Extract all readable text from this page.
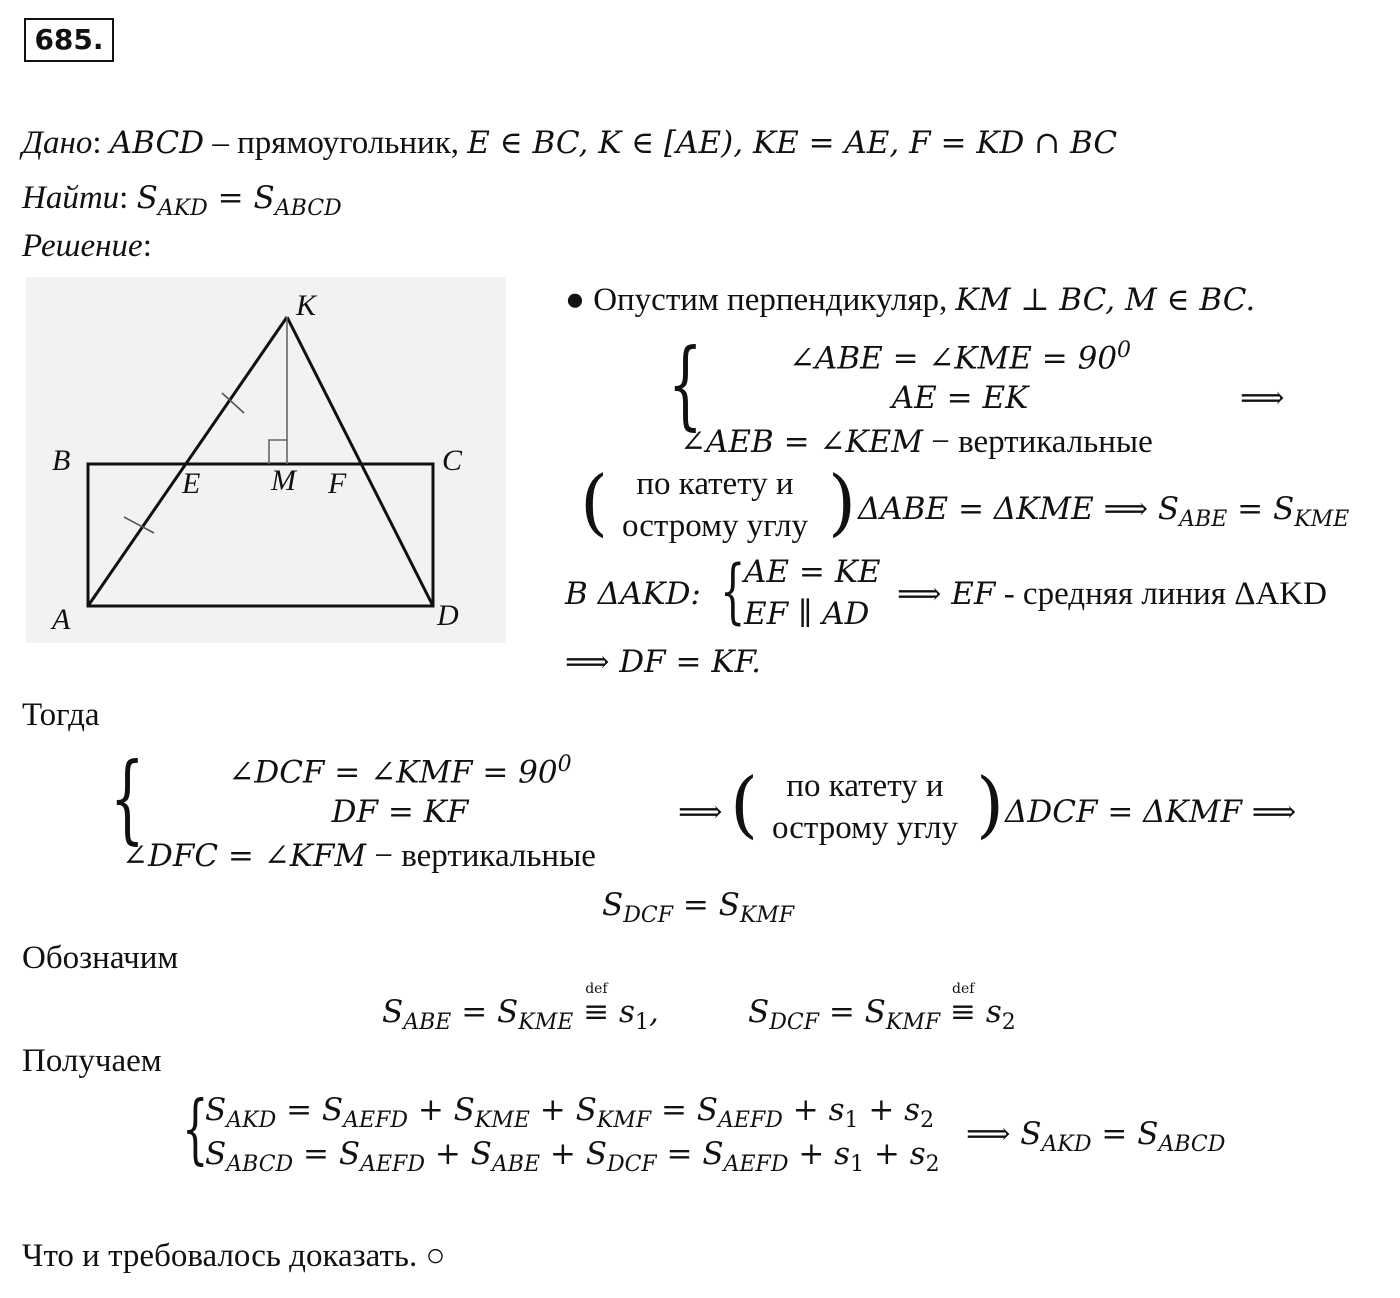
685.
Дано: ABCD – прямоугольник, E ∈ BC, K ∈ [AE), KE = AE, F = KD ∩ BC
Найти: $S_{AKD} = S_{ABCD}$
Решение:
K
B	C
E M F
A	D
● Опустим перпендикуляр, KM ⊥ BC, M ∈ BC.
{	∠ABE = ∠KME = $90^0$
AE = EK
∠AEB = ∠KEM − вертикальные
⟹
( по катету и
острому углу ) ΔABE = ΔKME ⟹ $S_{ABE} = S_{KME}$
В ΔAKD: {
AE = KE
EF ∥ AD
⟹ EF - средняя линия ΔAKD
⟹ DF = KF.
Тогда
{	∠DCF = ∠KMF = $90^0$
DF = KF
∠DFC = ∠KFM − вертикальные
⟹ ( по катету и
острому углу ) ΔDCF = ΔKMF ⟹
$S_{DCF} = S_{KMF}$
Обозначим
$S_{ABE} = S_{KME}$
def
≡ $s_1$,	$S_{DCF} = S_{KMF}$
def
≡ $s_2$
Получаем
{
$S_{AKD} = S_{AEFD} + S_{KME} + S_{KMF} = S_{AEFD} + s_1 + s_2$
$S_{ABCD} = S_{AEFD} + S_{ABE} + S_{DCF} = S_{AEFD} + s_1 + s_2$
⟹ $S_{AKD} = S_{ABCD}$
Что и требовалось доказать. ○
